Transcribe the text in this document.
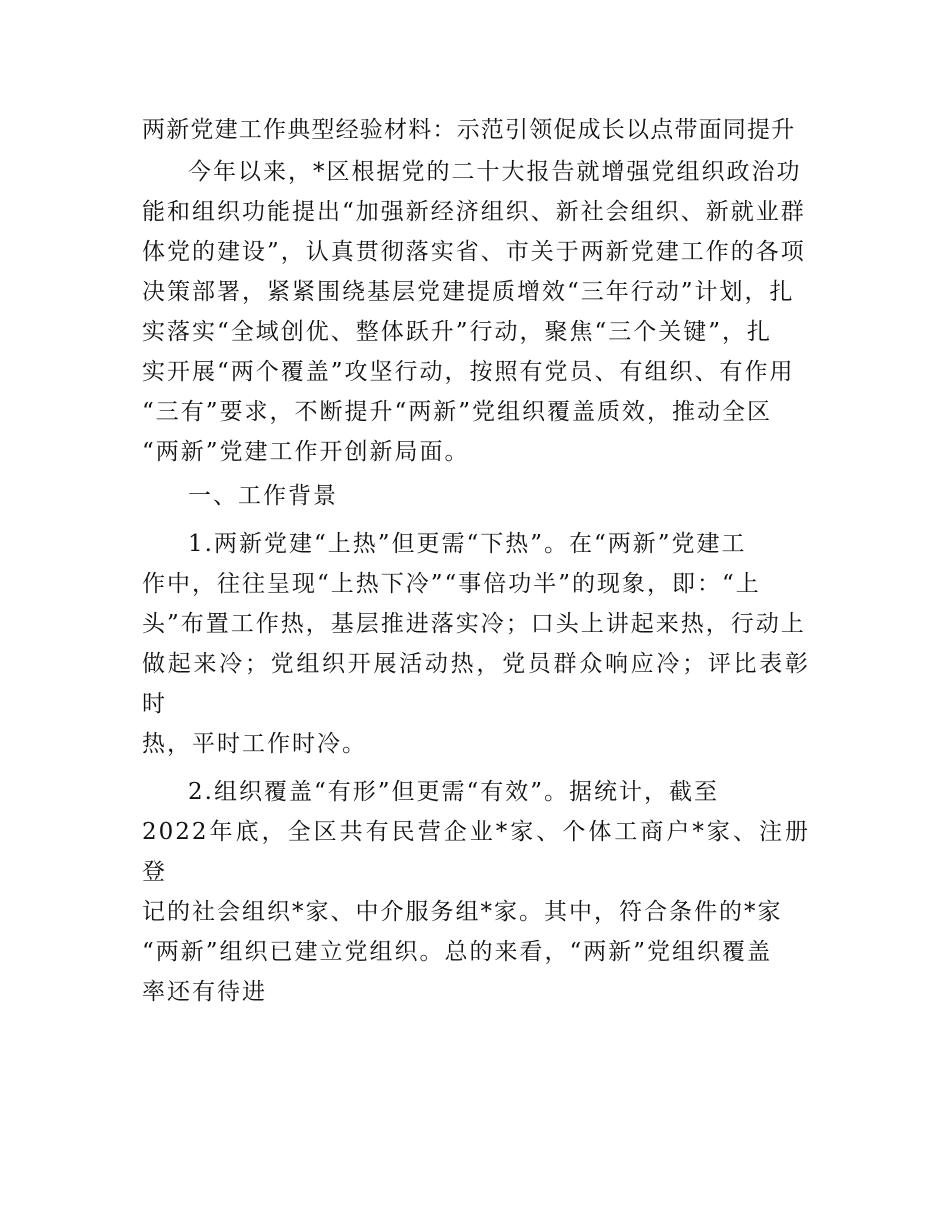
两新党建工作典型经验材料：示范引领促成长以点带面同提升

今年以来，*区根据党的二十大报告就增强党组织政治功
能和组织功能提出“加强新经济组织、新社会组织、新就业群
体党的建设”，认真贯彻落实省、市关于两新党建工作的各项
决策部署，紧紧围绕基层党建提质增效“三年行动”计划，扎
实落实“全域创优、整体跃升”行动，聚焦“三个关键”，扎
实开展“两个覆盖”攻坚行动，按照有党员、有组织、有作用
“三有”要求，不断提升“两新”党组织覆盖质效，推动全区
“两新”党建工作开创新局面。

一、工作背景

1.两新党建“上热”但更需“下热”。在“两新”党建工
作中，往往呈现“上热下冷”“事倍功半”的现象，即：“上
头”布置工作热，基层推进落实冷；口头上讲起来热，行动上
做起来冷；党组织开展活动热，党员群众响应冷；评比表彰时
热，平时工作时冷。

2.组织覆盖“有形”但更需“有效”。据统计，截至
2022年底，全区共有民营企业*家、个体工商户*家、注册登
记的社会组织*家、中介服务组*家。其中，符合条件的*家
“两新”组织已建立党组织。总的来看，“两新”党组织覆盖
率还有待进
